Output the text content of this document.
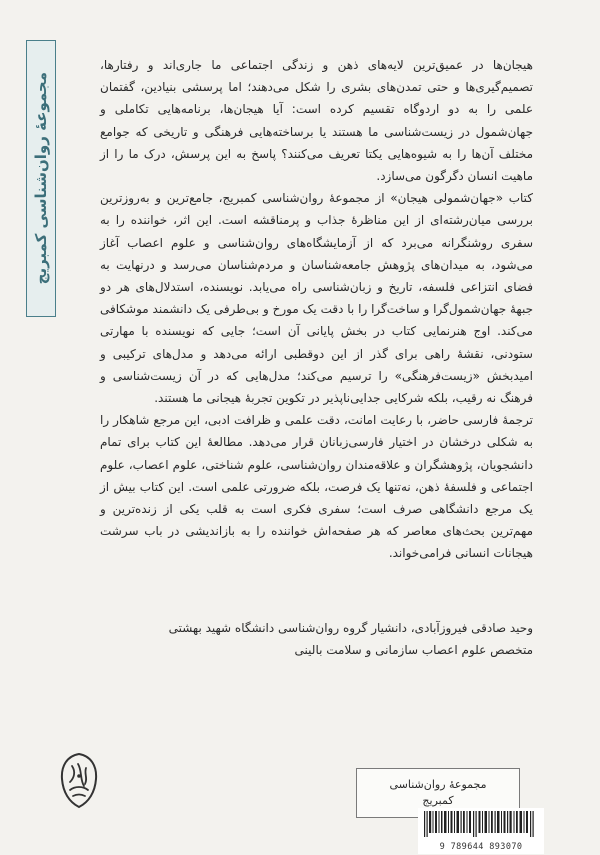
مجموعهٔ روان‌شناسی کمبریج

هیجان‌ها در عمیق‌ترین لایه‌های ذهن و زندگی اجتماعی ما جاری‌اند و رفتارها، تصمیم‌گیری‌ها و حتی تمدن‌های بشری را شکل می‌دهند؛ اما پرسشی بنیادین، گفتمان علمی را به دو اردوگاه تقسیم کرده است: آیا هیجان‌ها، برنامه‌هایی تکاملی و جهان‌شمول در زیست‌شناسی ما هستند یا برساخته‌هایی فرهنگی و تاریخی که جوامع مختلف آن‌ها را به شیوه‌هایی یکتا تعریف می‌کنند؟ پاسخ به این پرسش، درک ما را از ماهیت انسان دگرگون می‌سازد.

کتاب «جهان‌شمولی هیجان» از مجموعهٔ روان‌شناسی کمبریج، جامع‌ترین و به‌روزترین بررسی میان‌رشته‌ای از این مناظرهٔ جذاب و پرمناقشه است. این اثر، خواننده را به سفری روشنگرانه می‌برد که از آزمایشگاه‌های روان‌شناسی و علوم اعصاب آغاز می‌شود، به میدان‌های پژوهش جامعه‌شناسان و مردم‌شناسان می‌رسد و درنهایت به فضای انتزاعی فلسفه، تاریخ و زبان‌شناسی راه می‌یابد. نویسنده، استدلال‌های هر دو جبههٔ جهان‌شمول‌گرا و ساخت‌گرا را با دقت یک مورخ و بی‌طرفی یک دانشمند موشکافی می‌کند. اوج هنرنمایی کتاب در بخش پایانی آن است؛ جایی که نویسنده با مهارتی ستودنی، نقشهٔ راهی برای گذر از این دوقطبی ارائه می‌دهد و مدل‌های ترکیبی و امیدبخش «زیست‌فرهنگی» را ترسیم می‌کند؛ مدل‌هایی که در آن زیست‌شناسی و فرهنگ نه رقیب، بلکه شرکایی جدایی‌ناپذیر در تکوین تجربهٔ هیجانی ما هستند.

ترجمهٔ فارسی حاضر، با رعایت امانت، دقت علمی و ظرافت ادبی، این مرجع شاهکار را به شکلی درخشان در اختیار فارسی‌زبانان قرار می‌دهد. مطالعهٔ این کتاب برای تمام دانشجویان، پژوهشگران و علاقه‌مندان روان‌شناسی، علوم شناختی، علوم اعصاب، علوم اجتماعی و فلسفهٔ ذهن، نه‌تنها یک فرصت، بلکه ضرورتی علمی است. این کتاب بیش از یک مرجع دانشگاهی صرف است؛ سفری فکری است به قلب یکی از زنده‌ترین و مهم‌ترین بحث‌های معاصر که هر صفحه‌اش خواننده را به بازاندیشی در باب سرشت هیجانات انسانی فرامی‌خواند.

وحید صادقی فیروزآبادی، دانشیار گروه روان‌شناسی دانشگاه شهید بهشتی
متخصص علوم اعصاب سازمانی و سلامت بالینی
مجموعهٔ روان‌شناسی
کمبریج
9 789644 893070
